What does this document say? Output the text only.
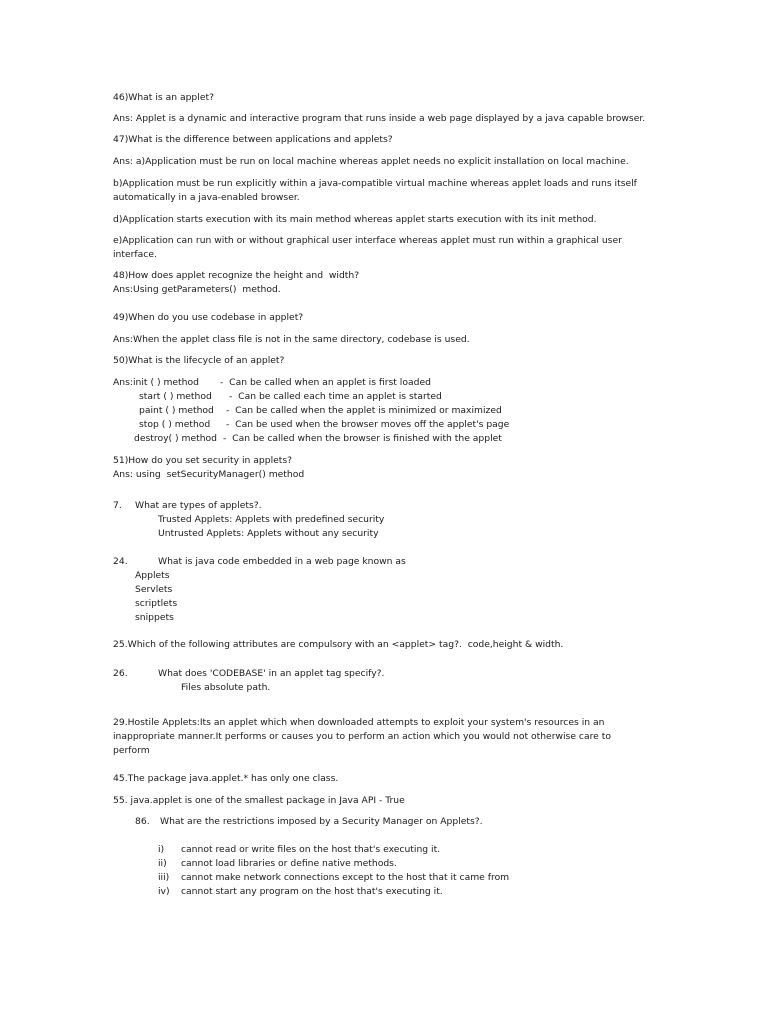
46)What is an applet?
Ans: Applet is a dynamic and interactive program that runs inside a web page displayed by a java capable browser.
47)What is the difference between applications and applets?
Ans: a)Application must be run on local machine whereas applet needs no explicit installation on local machine.
b)Application must be run explicitly within a java-compatible virtual machine whereas applet loads and runs itself automatically in a java-enabled browser.
d)Application starts execution with its main method whereas applet starts execution with its init method.
e)Application can run with or without graphical user interface whereas applet must run within a graphical user interface.
48)How does applet recognize the height and  width?
Ans:Using getParameters()  method.
49)When do you use codebase in applet?
Ans:When the applet class file is not in the same directory, codebase is used.
50)What is the lifecycle of an applet?
Ans:init ( ) method -  Can be called when an applet is first loaded
start ( ) method -  Can be called each time an applet is started
paint ( ) method -  Can be called when the applet is minimized or maximized
stop ( ) method -  Can be used when the browser moves off the applet's page
destroy( ) method -  Can be called when the browser is finished with the applet
51)How do you set security in applets?
Ans: using  setSecurityManager() method
7. What are types of applets?.
Trusted Applets: Applets with predefined security
Untrusted Applets: Applets without any security
24.	What is java code embedded in a web page known as
Applets
Servlets
scriptlets
snippets
25.Which of the following attributes are compulsory with an <applet> tag?.  code,height & width.
26.	What does 'CODEBASE' in an applet tag specify?.
Files absolute path.
29.Hostile Applets:Its an applet which when downloaded attempts to exploit your system's resources in an inappropriate manner.It performs or causes you to perform an action which you would not otherwise care to perform
45.The package java.applet.* has only one class.
55. java.applet is one of the smallest package in Java API - True
86. What are the restrictions imposed by a Security Manager on Applets?.
i) cannot read or write files on the host that's executing it.
ii) cannot load libraries or define native methods.
iii) cannot make network connections except to the host that it came from
iv) cannot start any program on the host that's executing it.
